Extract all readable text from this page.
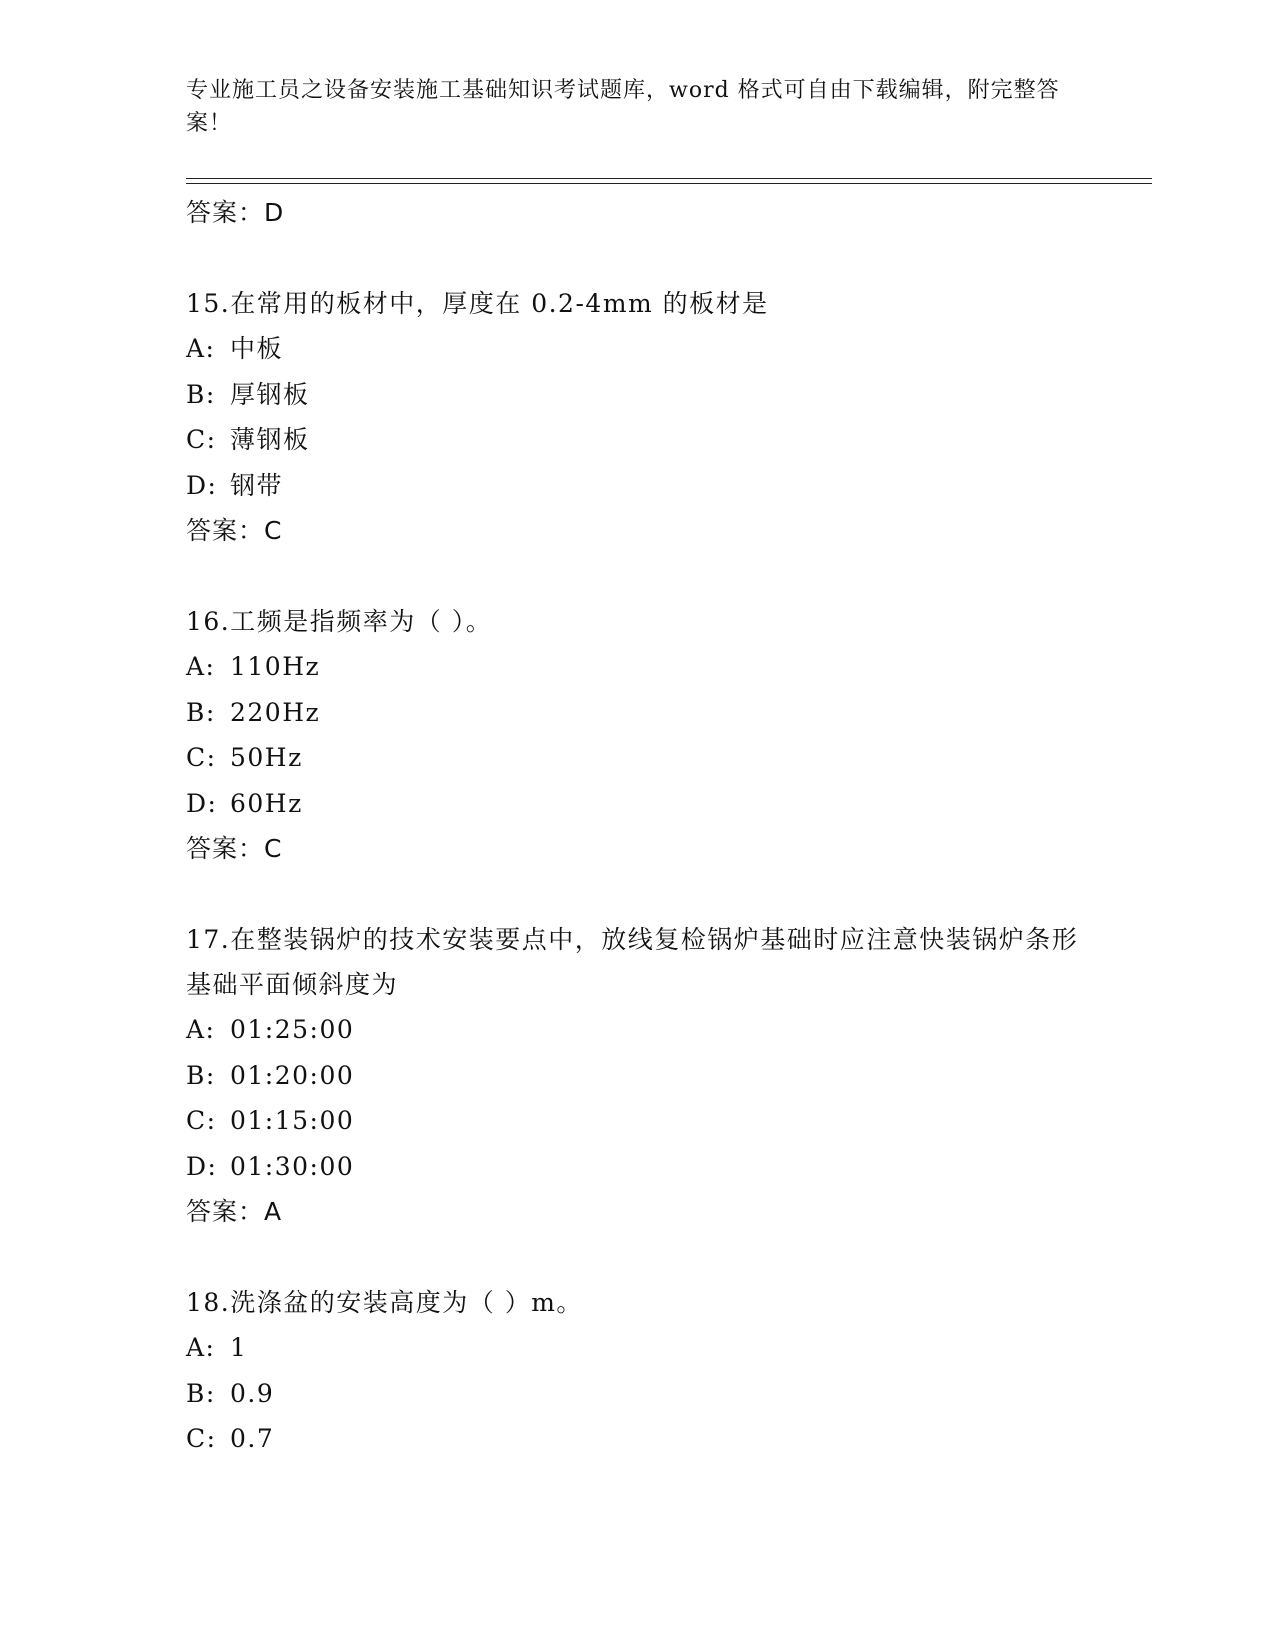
专业施工员之设备安装施工基础知识考试题库，word 格式可自由下载编辑，附完整答案！
答案：D
15.在常用的板材中，厚度在 0.2-4mm 的板材是
A: 中板
B: 厚钢板
C: 薄钢板
D: 钢带
答案：C
16.工频是指频率为（ ）。
A: 110Hz
B: 220Hz
C: 50Hz
D: 60Hz
答案：C
17.在整装锅炉的技术安装要点中，放线复检锅炉基础时应注意快装锅炉条形基础平面倾斜度为
A: 01:25:00
B: 01:20:00
C: 01:15:00
D: 01:30:00
答案：A
18.洗涤盆的安装高度为（ ）m。
A: 1
B: 0.9
C: 0.7
